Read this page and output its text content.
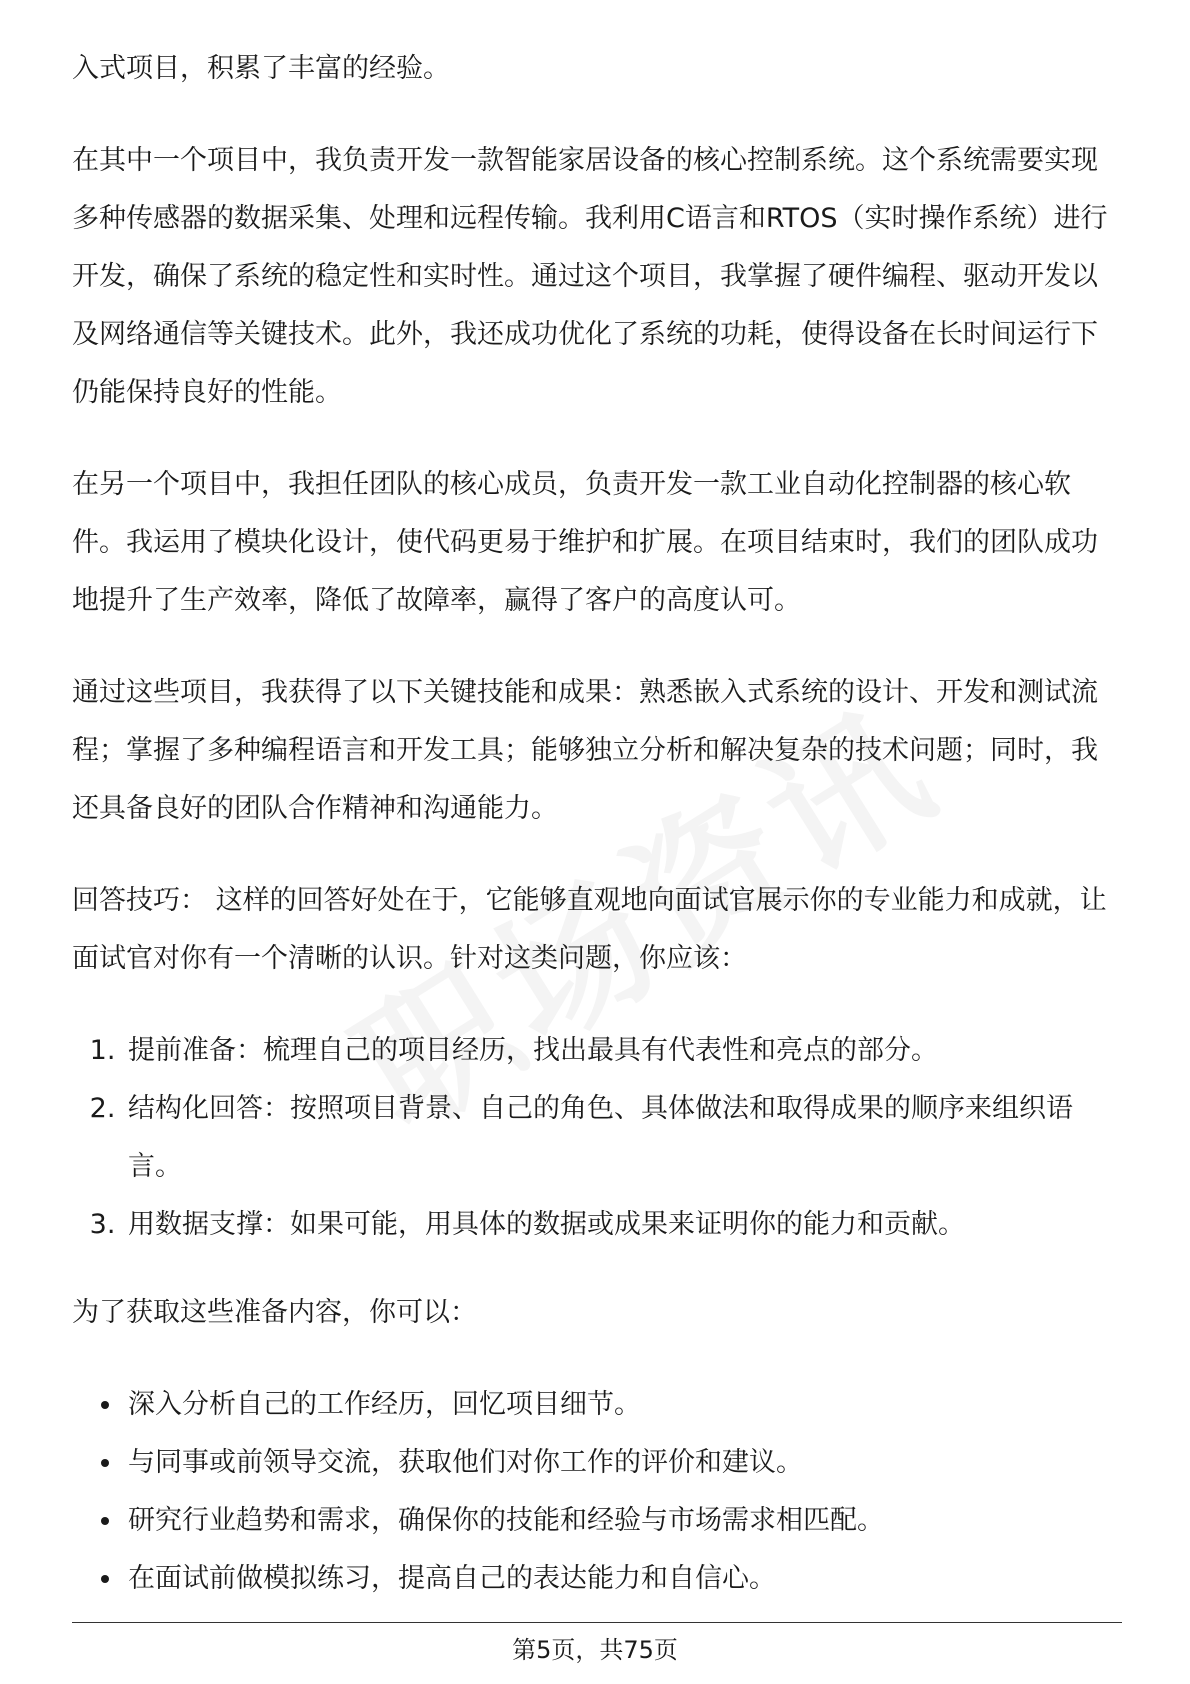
入式项目，积累了丰富的经验。

在其中一个项目中，我负责开发一款智能家居设备的核心控制系统。这个系统需要实现多种传感器的数据采集、处理和远程传输。我利用C语言和RTOS（实时操作系统）进行开发，确保了系统的稳定性和实时性。通过这个项目，我掌握了硬件编程、驱动开发以及网络通信等关键技术。此外，我还成功优化了系统的功耗，使得设备在长时间运行下仍能保持良好的性能。

在另一个项目中，我担任团队的核心成员，负责开发一款工业自动化控制器的核心软件。我运用了模块化设计，使代码更易于维护和扩展。在项目结束时，我们的团队成功地提升了生产效率，降低了故障率，赢得了客户的高度认可。

通过这些项目，我获得了以下关键技能和成果：熟悉嵌入式系统的设计、开发和测试流程；掌握了多种编程语言和开发工具；能够独立分析和解决复杂的技术问题；同时，我还具备良好的团队合作精神和沟通能力。

回答技巧： 这样的回答好处在于，它能够直观地向面试官展示你的专业能力和成就，让面试官对你有一个清晰的认识。针对这类问题，你应该：

1. 提前准备：梳理自己的项目经历，找出最具有代表性和亮点的部分。
2. 结构化回答：按照项目背景、自己的角色、具体做法和取得成果的顺序来组织语言。
3. 用数据支撑：如果可能，用具体的数据或成果来证明你的能力和贡献。

为了获取这些准备内容，你可以：

• 深入分析自己的工作经历，回忆项目细节。
• 与同事或前领导交流，获取他们对你工作的评价和建议。
• 研究行业趋势和需求，确保你的技能和经验与市场需求相匹配。
• 在面试前做模拟练习，提高自己的表达能力和自信心。
第5页，共75页
